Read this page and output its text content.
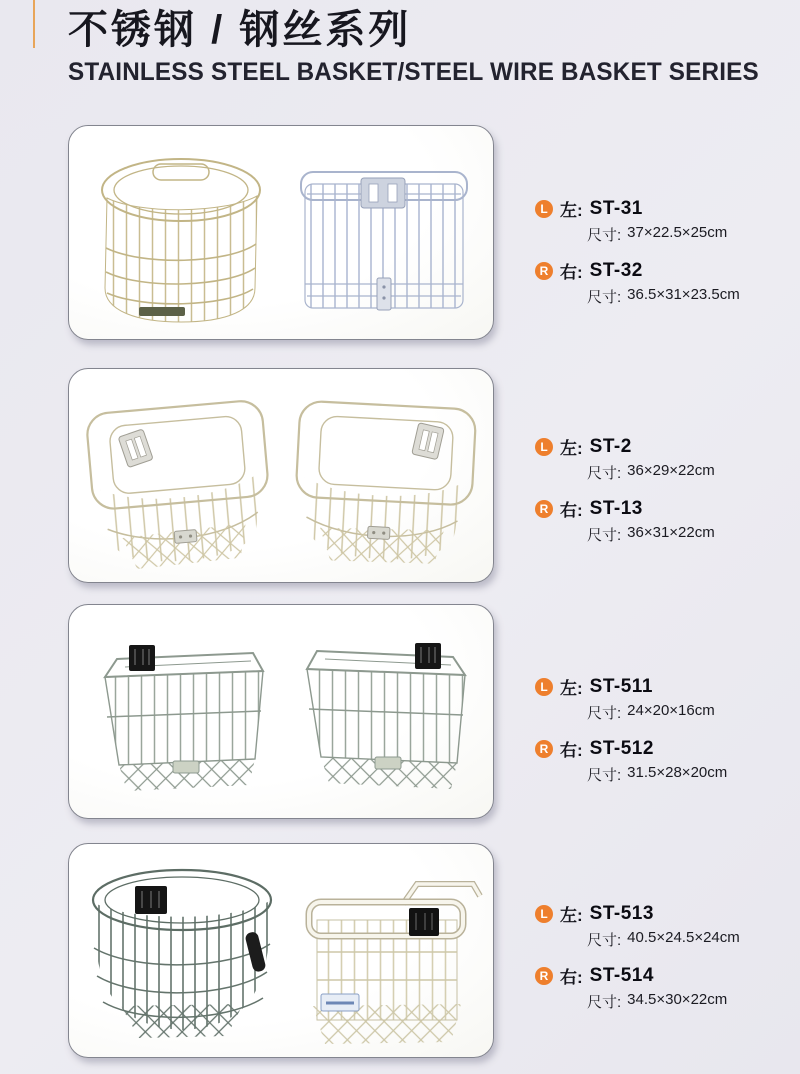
不锈钢 / 钢丝系列
STAINLESS STEEL BASKET/STEEL WIRE BASKET SERIES
L 左: ST-31
尺寸: 37×22.5×25cm
R 右: ST-32
尺寸: 36.5×31×23.5cm
L 左: ST-2
尺寸: 36×29×22cm
R 右: ST-13
尺寸: 36×31×22cm
L 左: ST-511
尺寸: 24×20×16cm
R 右: ST-512
尺寸: 31.5×28×20cm
L 左: ST-513
尺寸: 40.5×24.5×24cm
R 右: ST-514
尺寸: 34.5×30×22cm
